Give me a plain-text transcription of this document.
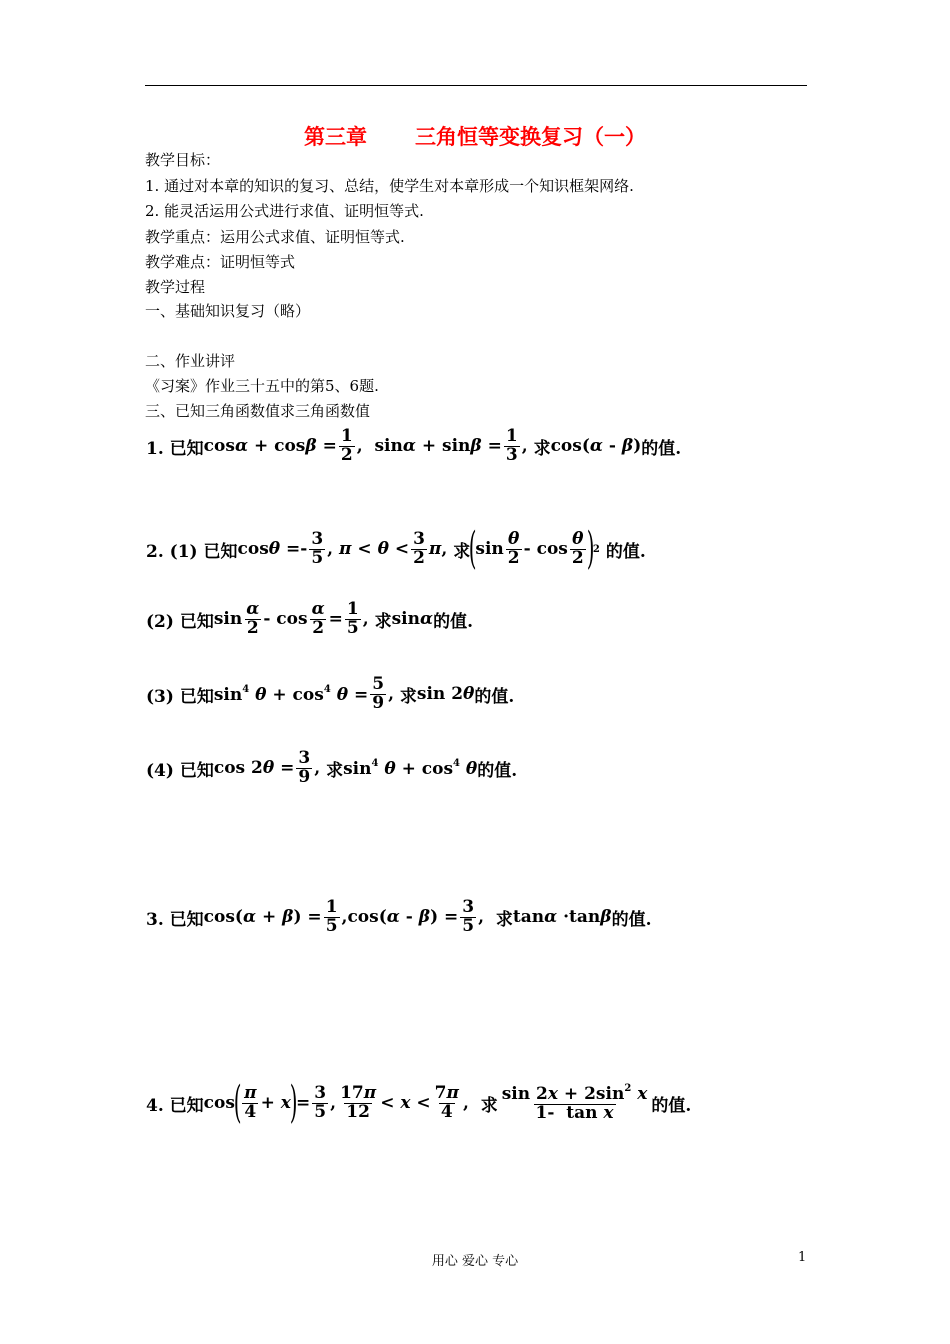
第三章 三角恒等变换复习（一）
教学目标：
1. 通过对本章的知识的复习、总结，使学生对本章形成一个知识框架网络.
2. 能灵活运用公式进行求值、证明恒等式.
教学重点：运用公式求值、证明恒等式.
教学难点：证明恒等式
教学过程
一、基础知识复习（略）
二、作业讲评
《习案》作业三十五中的第5、6题.
三、已知三角函数值求三角函数值
1. 已知 $\cos\alpha + \cos\beta = \frac{1}{2}$ ,  $\sin\alpha + \sin\beta = \frac{1}{3}$ , 求 cos(α - β) 的值.
2. (1) 已知 $\cos\theta =- \frac{3}{5}$ , $\pi < \theta < \frac{3}{2} \pi$, 求
(
$\sin \frac{\theta}{2}$ - $\cos \frac{\theta}{2}$ )
2 的值.
(2) 已知 $\sin \frac{\alpha}{2} - \cos \frac{\alpha}{2} = \frac{1}{5}$ , 求 sinα 的值.
(3) 已知 $\sin^4 \theta + \cos^4 \theta = \frac{5}{9}$ , 求 sin 2θ 的值.
(4) 已知 $\cos 2\theta = \frac{3}{9}$ , 求 $\sin^4 \theta + \cos^4 \theta$ 的值.
3. 已知 $\cos(\alpha + \beta) = \frac{1}{5} ,\cos(\alpha - \beta) = \frac{3}{5}$ , 求 tanα ·tanβ 的值.
4. 已知 cos
( $\frac{\pi}{4} + x$
)
= $\frac{3}{5}$ , $\frac{17\pi}{12} < x < \frac{7\pi}{4}$ , 求 $\frac{\sin 2x + 2\sin^2 x}{\text{1-  tan x}}$ 的值.
用心 爱心 专心	1
